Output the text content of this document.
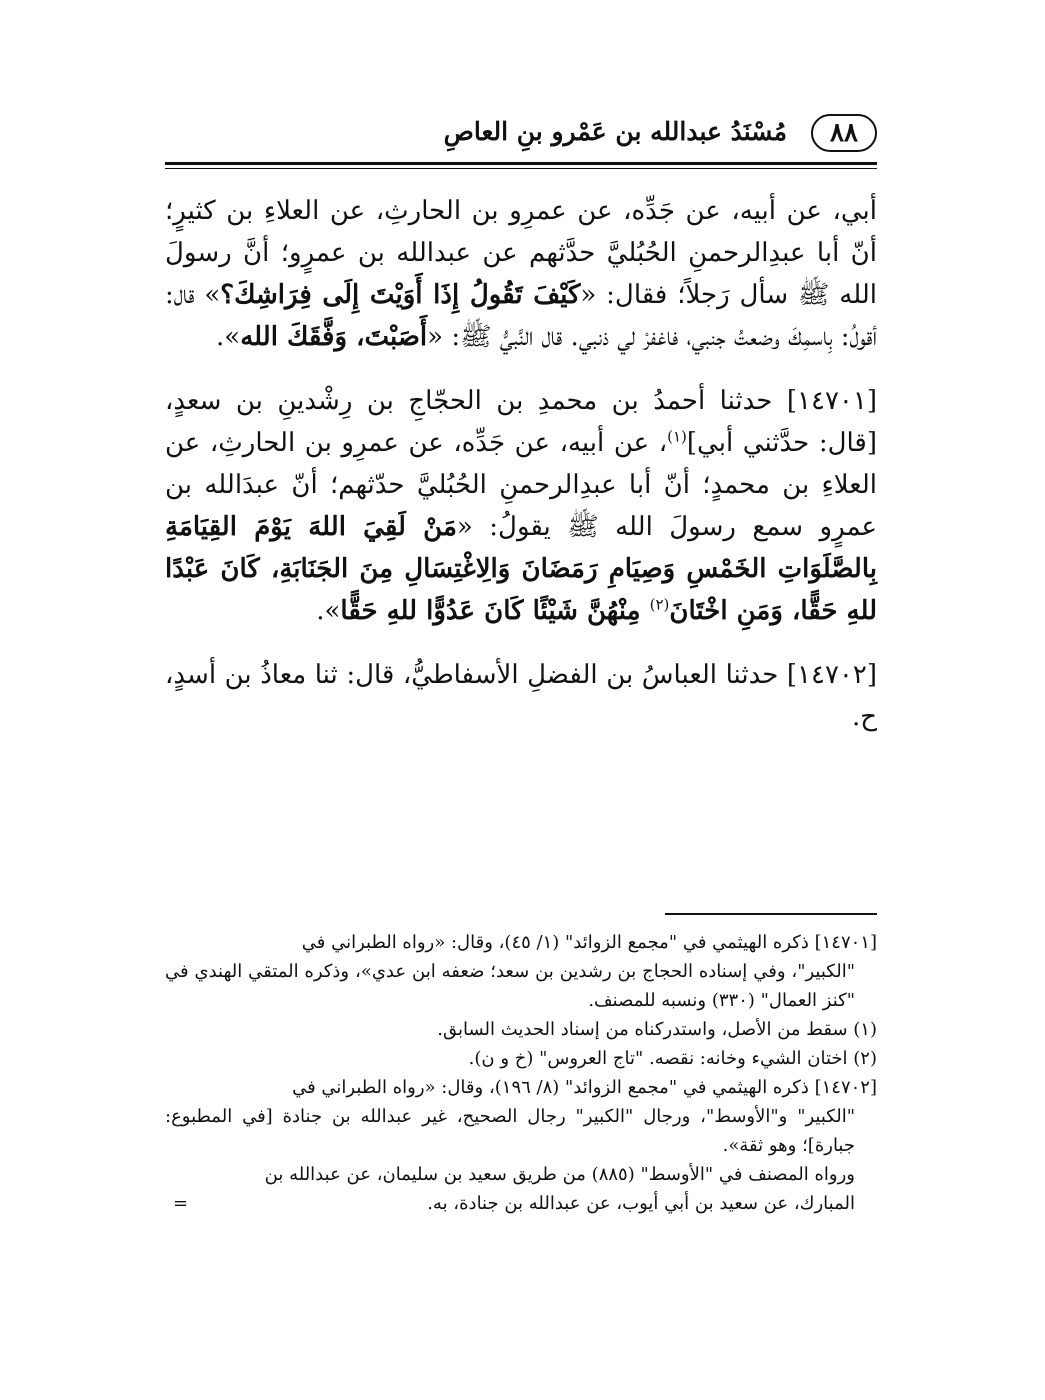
٨٨
مُسْنَدُ عبدالله بن عَمْرو بنِ العاصِ

أبي، عن أبيه، عن جَدِّه، عن عمرِو بن الحارثِ، عن العلاءِ بن كثيرٍ؛ أنّ أبا عبدِالرحمنِ الحُبُليَّ حدَّثهم عن عبدالله بن عمرٍو؛ أنَّ رسولَ الله ﷺ سأل رَجلاً؛ فقال: «كَيْفَ تَقُولُ إِذَا أَوَيْتَ إِلَى فِرَاشِكَ؟» قال: أقولُ: بِاسمِكَ وضعتُ جنبي، فاغفرْ لي ذنبي. قال النَّبيُّ ﷺ: «أَصَبْتَ، وَفَّقَكَ الله».

[١٤٧٠١] حدثنا أحمدُ بن محمدِ بن الحجّاجِ بن رِشْدينِ بن سعدٍ، [قال: حدَّثني أبي]$^{(١)}$، عن أبيه، عن جَدِّه، عن عمرِو بن الحارثِ، عن العلاءِ بن محمدٍ؛ أنّ أبا عبدِالرحمنِ الحُبُليَّ حدّثهم؛ أنّ عبدَالله بن عمرٍو سمع رسولَ الله ﷺ يقولُ: «مَنْ لَقِيَ اللهَ يَوْمَ القِيَامَةِ بِالصَّلَوَاتِ الخَمْسِ وَصِيَامِ رَمَضَانَ وَالِاغْتِسَالِ مِنَ الجَنَابَةِ، كَانَ عَبْدًا للهِ حَقًّا، وَمَنِ اخْتَانَ$^{(٢)}$ مِنْهُنَّ شَيْئًا كَانَ عَدُوًّا للهِ حَقًّا».

[١٤٧٠٢] حدثنا العباسُ بن الفضلِ الأسفاطيُّ، قال: ثنا معاذُ بن أسدٍ، ح.

[١٤٧٠١] ذكره الهيثمي في "مجمع الزوائد" (١/ ٤٥)، وقال: «رواه الطبراني في

"الكبير"، وفي إسناده الحجاج بن رشدين بن سعد؛ ضعفه ابن عدي»، وذكره المتقي الهندي في "كنز العمال" (٣٣٠) ونسبه للمصنف.

(١) سقط من الأصل، واستدركناه من إسناد الحديث السابق.

(٢) اختان الشيء وخانه: نقصه. "تاج العروس" (خ و ن).

[١٤٧٠٢] ذكره الهيثمي في "مجمع الزوائد" (٨/ ١٩٦)، وقال: «رواه الطبراني في

"الكبير" و"الأوسط"، ورجال "الكبير" رجال الصحيح، غير عبدالله بن جنادة [في المطبوع: جبارة]؛ وهو ثقة».

ورواه المصنف في "الأوسط" (٨٨٥) من طريق سعيد بن سليمان، عن عبدالله بن

المبارك، عن سعيد بن أبي أيوب، عن عبدالله بن جنادة، به.

=
